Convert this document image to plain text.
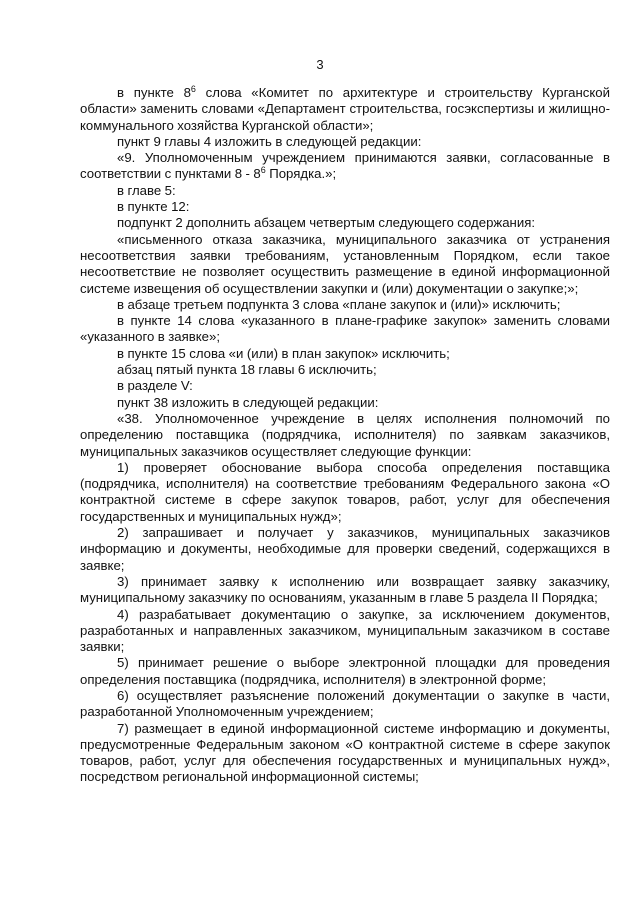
3

в пункте $8^6$ слова «Комитет по архитектуре и строительству Курганской области» заменить словами «Департамент строительства, госэкспертизы и жилищно-коммунального хозяйства Курганской области»;

пункт 9 главы 4 изложить в следующей редакции:

«9. Уполномоченным учреждением принимаются заявки, согласованные в соответствии с пунктами $8 - 8^6$ Порядка.»;

в главе 5:

в пункте 12:

подпункт 2 дополнить абзацем четвертым следующего содержания:

«письменного отказа заказчика, муниципального заказчика от устранения несоответствия заявки требованиям, установленным Порядком, если такое несоответствие не позволяет осуществить размещение в единой информационной системе извещения об осуществлении закупки и (или) документации о закупке;»;

в абзаце третьем подпункта 3 слова «плане закупок и (или)» исключить;

в пункте 14 слова «указанного в плане-графике закупок» заменить словами «указанного в заявке»;

в пункте 15 слова «и (или) в план закупок» исключить;

абзац пятый пункта 18 главы 6 исключить;

в разделе V:

пункт 38 изложить в следующей редакции:

«38. Уполномоченное учреждение в целях исполнения полномочий по определению поставщика (подрядчика, исполнителя) по заявкам заказчиков, муниципальных заказчиков осуществляет следующие функции:

1) проверяет обоснование выбора способа определения поставщика (подрядчика, исполнителя) на соответствие требованиям Федерального закона «О контрактной системе в сфере закупок товаров, работ, услуг для обеспечения государственных и муниципальных нужд»;

2) запрашивает и получает у заказчиков, муниципальных заказчиков информацию и документы, необходимые для проверки сведений, содержащихся в заявке;

3) принимает заявку к исполнению или возвращает заявку заказчику, муниципальному заказчику по основаниям, указанным в главе 5 раздела II Порядка;

4) разрабатывает документацию о закупке, за исключением документов, разработанных и направленных заказчиком, муниципальным заказчиком в составе заявки;

5) принимает решение о выборе электронной площадки для проведения определения поставщика (подрядчика, исполнителя) в электронной форме;

6) осуществляет разъяснение положений документации о закупке в части, разработанной Уполномоченным учреждением;

7) размещает в единой информационной системе информацию и документы, предусмотренные Федеральным законом «О контрактной системе в сфере закупок товаров, работ, услуг для обеспечения государственных и муниципальных нужд», посредством региональной информационной системы;
